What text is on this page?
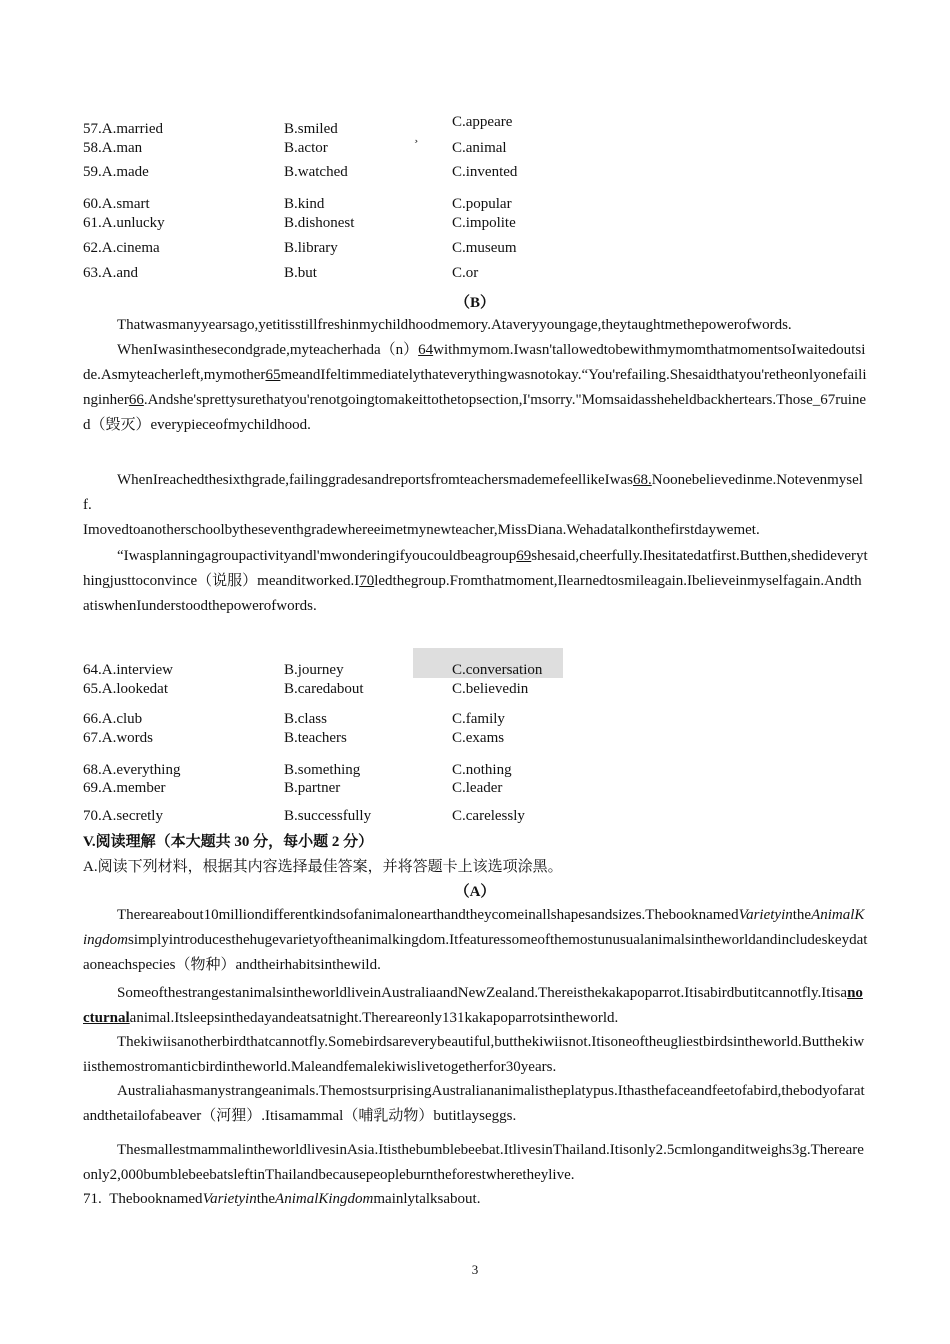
57.A.married	B.smiled	C.appeare
¸
58.A.man	B.actor	C.animal
59.A.made	B.watched	C.invented
60.A.smart	B.kind	C.popular
61.A.unlucky	B.dishonest	C.impolite
62.A.cinema	B.library	C.museum
63.A.and	B.but	C.or
（B）

Thatwasmanyyearsago,yetitisstillfreshinmychildhoodmemory.Ataveryyoungage,theytaughtmethepowerofwords.

WhenIwasinthesecondgrade,myteacherhada（n）64withmymom.Iwasn'tallowedtobewithmymomthatmomentsoIwaitedoutside.Asmyteacherleft,mymother65meandIfeltimmediatelythateverythingwasnotokay.“You'refailing.Shesaidthatyou'retheonlyonefailinginher66.Andshe'sprettysurethatyou'renotgoingtomakeittothetopsection,I'msorry."Momsaidassheheldbackhertears.Those_67ruined（毁灭）everypieceofmychildhood.

WhenIreachedthesixthgrade,failinggradesandreportsfromteachersmademefeellikeIwas68.Noonebelievedinme.Notevenmyself.

Imovedtoanotherschoolbytheseventhgradewhereeimetmynewteacher,MissDiana.Wehadatalkonthefirstdaywemet.

“Iwasplanningagroupactivityandl'mwonderingifyoucouldbeagroup69shesaid,cheerfully.Ihesitatedatfirst.Butthen,shedideverythingjusttoconvince（说服）meanditworked.I70ledthegroup.Fromthatmoment,Ilearnedtosmileagain.Ibelieveinmyselfagain.AndthatiswhenIunderstoodthepowerofwords.

64.A.interview	B.journey	C.conversation
65.A.lookedat	B.caredabout	C.believedin
66.A.club	B.class	C.family
67.A.words	B.teachers	C.exams
68.A.everything	B.something	C.nothing
69.A.member	B.partner	C.leader
70.A.secretly	B.successfully	C.carelessly
V.阅读理解（本大题共 30 分，每小题 2 分）
A.阅读下列材料，根据其内容选择最佳答案，并将答题卡上该选项涂黑。
（A）

Thereareabout10milliondifferentkindsofanimalonearthandtheycomeinallshapesandsizes.ThebooknamedVarietyintheAnimalKingdomsimplyintroducesthehugevarietyoftheanimalkingdom.Itfeaturessomeofthemostunusualanimalsintheworldandincludeskeydataoneachspecies（物种）andtheirhabitsinthewild.

SomeofthestrangestanimalsintheworldliveinAustraliaandNewZealand.Thereisthekakapoparrot.Itisabirdbutitcannotfly.Itisanocturnalanimal.Itsleepsinthedayandeatsatnight.Thereareonly131kakapoparrotsintheworld.

Thekiwiisanotherbirdthatcannotfly.Somebirdsareverybeautiful,butthekiwiisnot.Itisoneoftheugliestbirdsintheworld.Butthekiwiisthemostromanticbirdintheworld.Maleandfemalekiwislivetogetherfor30years.

Australiahasmanystrangeanimals.ThemostsurprisingAustraliananimalistheplatypus.Ithasthefaceandfeetofabird,thebodyofaratandthetailofabeaver（河狸）.Itisamammal（哺乳动物）butitlayseggs.

ThesmallestmammalintheworldlivesinAsia.Itisthebumblebeebat.ItlivesinThailand.Itisonly2.5cmlonganditweighs3g.Thereareonly2,000bumblebeebatsleftinThailandbecausepeopleburntheforestwheretheylive.

71. ThebooknamedVarietyintheAnimalKingdommainlytalksabout.
3
